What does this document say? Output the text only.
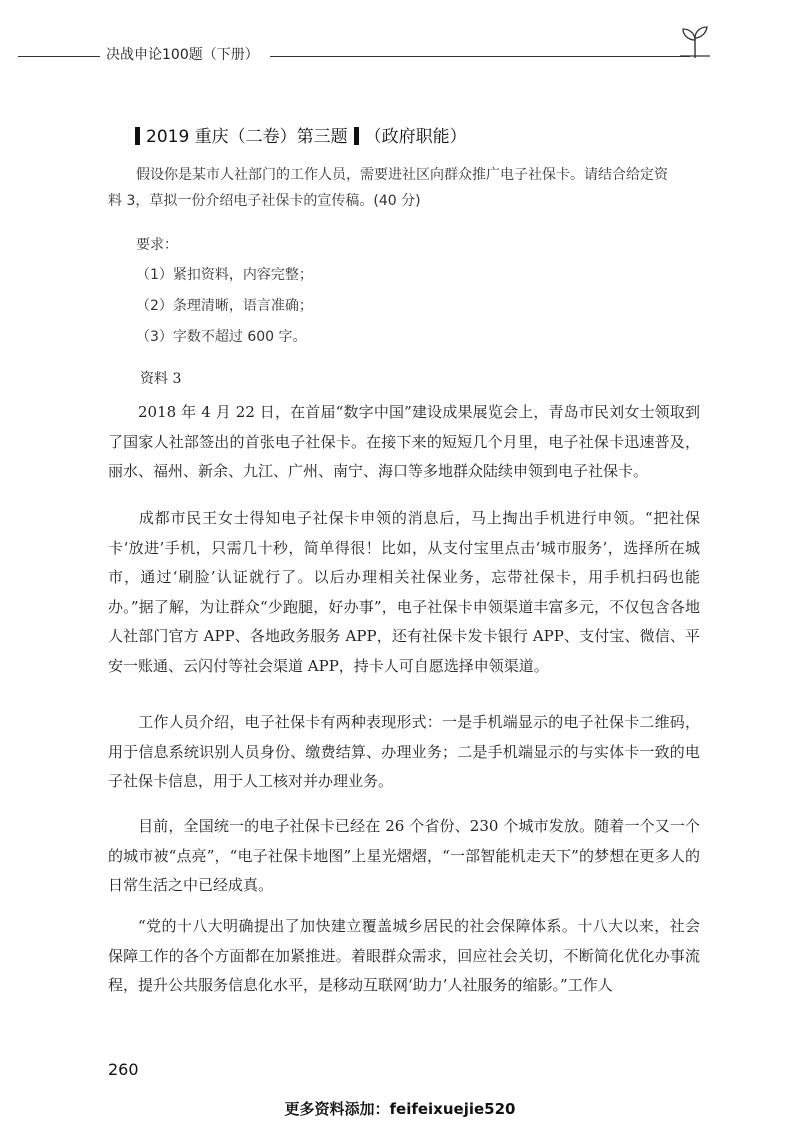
决战申论100题（下册）
2019 重庆（二卷）第三题 （政府职能）
假设你是某市人社部门的工作人员，需要进社区向群众推广电子社保卡。请结合给定资
料 3，草拟一份介绍电子社保卡的宣传稿。(40 分)
要求：
（1）紧扣资料，内容完整；
（2）条理清晰，语言准确；
（3）字数不超过 600 字。
资料 3
2018 年 4 月 22 日，在首届“数字中国”建设成果展览会上，青岛市民刘女士领取到了国家人社部签出的首张电子社保卡。在接下来的短短几个月里，电子社保卡迅速普及，丽水、福州、新余、九江、广州、南宁、海口等多地群众陆续申领到电子社保卡。
成都市民王女士得知电子社保卡申领的消息后，马上掏出手机进行申领。“把社保卡‘放进’手机，只需几十秒，简单得很！比如，从支付宝里点击‘城市服务’，选择所在城市，通过‘刷脸’认证就行了。以后办理相关社保业务，忘带社保卡，用手机扫码也能办。”据了解，为让群众“少跑腿，好办事”，电子社保卡申领渠道丰富多元，不仅包含各地人社部门官方 APP、各地政务服务 APP，还有社保卡发卡银行 APP、支付宝、微信、平安一账通、云闪付等社会渠道 APP，持卡人可自愿选择申领渠道。
工作人员介绍，电子社保卡有两种表现形式：一是手机端显示的电子社保卡二维码，用于信息系统识别人员身份、缴费结算、办理业务；二是手机端显示的与实体卡一致的电子社保卡信息，用于人工核对并办理业务。
目前，全国统一的电子社保卡已经在 26 个省份、230 个城市发放。随着一个又一个的城市被“点亮”，“电子社保卡地图”上星光熠熠，“一部智能机走天下”的梦想在更多人的日常生活之中已经成真。
“党的十八大明确提出了加快建立覆盖城乡居民的社会保障体系。十八大以来，社会保障工作的各个方面都在加紧推进。着眼群众需求，回应社会关切，不断简化优化办事流程，提升公共服务信息化水平，是移动互联网‘助力’人社服务的缩影。”工作人
260
更多资料添加：feifeixuejie520
